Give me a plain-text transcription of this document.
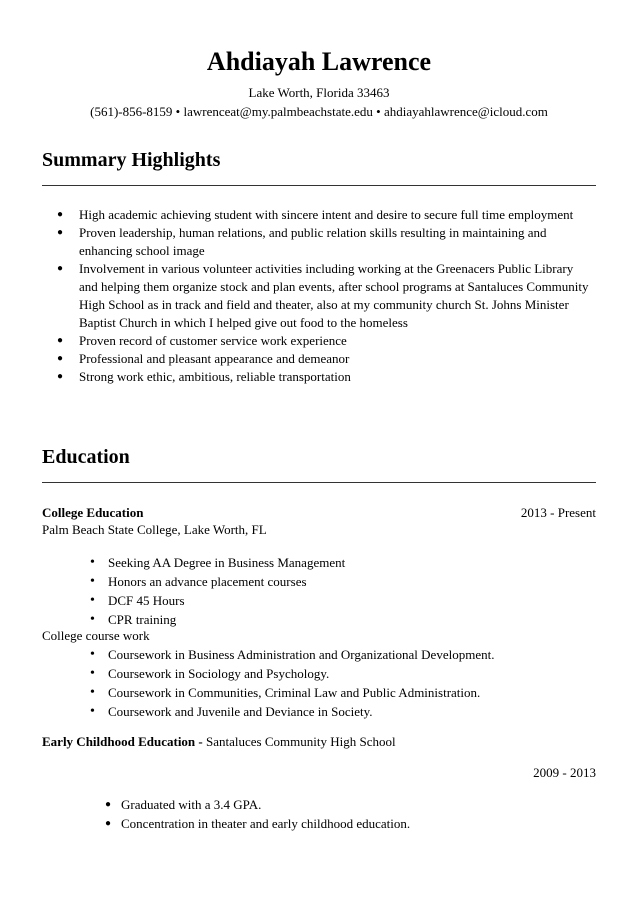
Ahdiayah Lawrence
Lake Worth, Florida 33463
(561)-856-8159 • lawrenceat@my.palmbeachstate.edu • ahdiayahlawrence@icloud.com
Summary Highlights
● High academic achieving student with sincere intent and desire to secure full time employment
● Proven leadership, human relations, and public relation skills resulting in maintaining and enhancing school image
● Involvement in various volunteer activities including working at the Greenacers Public Library and helping them organize stock and plan events, after school programs at Santaluces Community High School as in track and field and theater, also at my community church St. Johns Minister Baptist Church in which I helped give out food to the homeless
● Proven record of customer service work experience
● Professional and pleasant appearance and demeanor
● Strong work ethic, ambitious, reliable transportation
Education
College Education	2013 - Present
Palm Beach State College, Lake Worth, FL
• Seeking AA Degree in Business Management
• Honors an advance placement courses
• DCF 45 Hours
• CPR training
College course work
• Coursework in Business Administration and Organizational Development.
• Coursework in Sociology and Psychology.
• Coursework in Communities, Criminal Law and Public Administration.
• Coursework and Juvenile and Deviance in Society.
Early Childhood Education - Santaluces Community High School
2009 - 2013
● Graduated with a 3.4 GPA.
● Concentration in theater and early childhood education.
